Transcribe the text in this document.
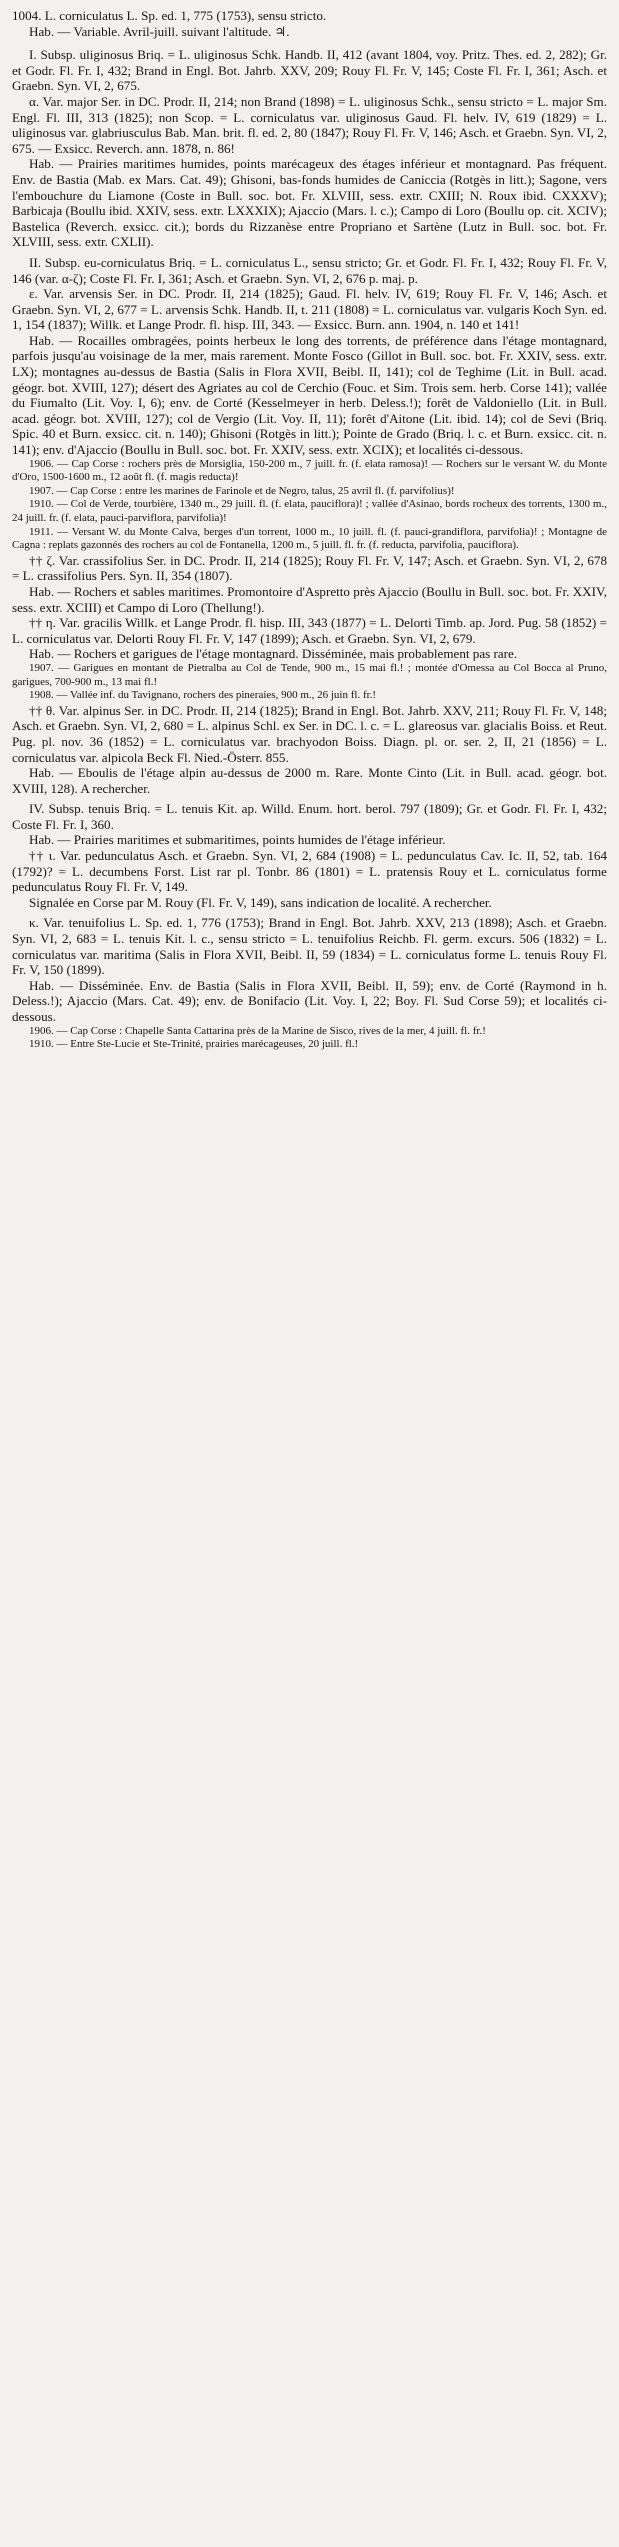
1004. L. corniculatus L. Sp. ed. 1, 775 (1753), sensu stricto.

Hab. — Variable. Avril-juill. suivant l'altitude. ♃.

I. Subsp. uliginosus Briq. = L. uliginosus Schk. Handb. II, 412 (avant 1804, voy. Pritz. Thes. ed. 2, 282); Gr. et Godr. Fl. Fr. I, 432; Brand in Engl. Bot. Jahrb. XXV, 209; Rouy Fl. Fr. V, 145; Coste Fl. Fr. I, 361; Asch. et Graebn. Syn. VI, 2, 675.

α. Var. major Ser. in DC. Prodr. II, 214; non Brand (1898) = L. uliginosus Schk., sensu stricto = L. major Sm. Engl. Fl. III, 313 (1825); non Scop. = L. corniculatus var. uliginosus Gaud. Fl. helv. IV, 619 (1829) = L. uliginosus var. glabriusculus Bab. Man. brit. fl. ed. 2, 80 (1847); Rouy Fl. Fr. V, 146; Asch. et Graebn. Syn. VI, 2, 675. — Exsicc. Reverch. ann. 1878, n. 86!

Hab. — Prairies maritimes humides, points marécageux des étages inférieur et montagnard. Pas fréquent. Env. de Bastia (Mab. ex Mars. Cat. 49); Ghisoni, bas-fonds humides de Caniccia (Rotgès in litt.); Sagone, vers l'embouchure du Liamone (Coste in Bull. soc. bot. Fr. XLVIII, sess. extr. CXIII; N. Roux ibid. CXXXV); Barbicaja (Boullu ibid. XXIV, sess. extr. LXXXIX); Ajaccio (Mars. l. c.); Campo di Loro (Boullu op. cit. XCIV); Bastelica (Reverch. exsicc. cit.); bords du Rizzanèse entre Propriano et Sartène (Lutz in Bull. soc. bot. Fr. XLVIII, sess. extr. CXLII).

II. Subsp. eu-corniculatus Briq. = L. corniculatus L., sensu stricto; Gr. et Godr. Fl. Fr. I, 432; Rouy Fl. Fr. V, 146 (var. α-ζ); Coste Fl. Fr. I, 361; Asch. et Graebn. Syn. VI, 2, 676 p. maj. p.

ε. Var. arvensis Ser. in DC. Prodr. II, 214 (1825); Gaud. Fl. helv. IV, 619; Rouy Fl. Fr. V, 146; Asch. et Graebn. Syn. VI, 2, 677 = L. arvensis Schk. Handb. II, t. 211 (1808) = L. corniculatus var. vulgaris Koch Syn. ed. 1, 154 (1837); Willk. et Lange Prodr. fl. hisp. III, 343. — Exsicc. Burn. ann. 1904, n. 140 et 141!

Hab. — Rocailles ombragées, points herbeux le long des torrents, de préférence dans l'étage montagnard, parfois jusqu'au voisinage de la mer, mais rarement. Monte Fosco (Gillot in Bull. soc. bot. Fr. XXIV, sess. extr. LX); montagnes au-dessus de Bastia (Salis in Flora XVII, Beibl. II, 141); col de Teghime (Lit. in Bull. acad. géogr. bot. XVIII, 127); désert des Agriates au col de Cerchio (Fouc. et Sim. Trois sem. herb. Corse 141); vallée du Fiumalto (Lit. Voy. I, 6); env. de Corté (Kesselmeyer in herb. Deless.!); forêt de Valdoniello (Lit. in Bull. acad. géogr. bot. XVIII, 127); col de Vergio (Lit. Voy. II, 11); forêt d'Aitone (Lit. ibid. 14); col de Sevi (Briq. Spic. 40 et Burn. exsicc. cit. n. 140); Ghisoni (Rotgès in litt.); Pointe de Grado (Briq. l. c. et Burn. exsicc. cit. n. 141); env. d'Ajaccio (Boullu in Bull. soc. bot. Fr. XXIV, sess. extr. XCIX); et localités ci-dessous.

1906. — Cap Corse : rochers près de Morsiglia, 150-200 m., 7 juill. fr. (f. elata ramosa)! — Rochers sur le versant W. du Monte d'Oro, 1500-1600 m., 12 août fl. (f. magis reducta)!

1907. — Cap Corse : entre les marines de Farinole et de Negro, talus, 25 avril fl. (f. parvifolius)!

1910. — Col de Verde, tourbière, 1340 m., 29 juill. fl. (f. elata, pauciflora)! ; vallée d'Asinao, bords rocheux des torrents, 1300 m., 24 juill. fr. (f. elata, pauci-parviflora, parvifolia)!

1911. — Versant W. du Monte Calva, berges d'un torrent, 1000 m., 10 juill. fl. (f. pauci-grandiflora, parvifolia)! ; Montagne de Cagna : replats gazonnés des rochers au col de Fontanella, 1200 m., 5 juill. fl. fr. (f. reducta, parvifolia, pauciflora).

†† ζ. Var. crassifolius Ser. in DC. Prodr. II, 214 (1825); Rouy Fl. Fr. V, 147; Asch. et Graebn. Syn. VI, 2, 678 = L. crassifolius Pers. Syn. II, 354 (1807).

Hab. — Rochers et sables maritimes. Promontoire d'Aspretto près Ajaccio (Boullu in Bull. soc. bot. Fr. XXIV, sess. extr. XCIII) et Campo di Loro (Thellung!).

†† η. Var. gracilis Willk. et Lange Prodr. fl. hisp. III, 343 (1877) = L. Delorti Timb. ap. Jord. Pug. 58 (1852) = L. corniculatus var. Delorti Rouy Fl. Fr. V, 147 (1899); Asch. et Graebn. Syn. VI, 2, 679.

Hab. — Rochers et garigues de l'étage montagnard. Disséminée, mais probablement pas rare.

1907. — Garigues en montant de Pietralba au Col de Tende, 900 m., 15 mai fl.! ; montée d'Omessa au Col Bocca al Pruno, garigues, 700-900 m., 13 mai fl.!

1908. — Vallée inf. du Tavignano, rochers des pineraies, 900 m., 26 juin fl. fr.!

†† θ. Var. alpinus Ser. in DC. Prodr. II, 214 (1825); Brand in Engl. Bot. Jahrb. XXV, 211; Rouy Fl. Fr. V, 148; Asch. et Graebn. Syn. VI, 2, 680 = L. alpinus Schl. ex Ser. in DC. l. c. = L. glareosus var. glacialis Boiss. et Reut. Pug. pl. nov. 36 (1852) = L. corniculatus var. brachyodon Boiss. Diagn. pl. or. ser. 2, II, 21 (1856) = L. corniculatus var. alpicola Beck Fl. Nied.-Österr. 855.

Hab. — Eboulis de l'étage alpin au-dessus de 2000 m. Rare. Monte Cinto (Lit. in Bull. acad. géogr. bot. XVIII, 128). A rechercher.

IV. Subsp. tenuis Briq. = L. tenuis Kit. ap. Willd. Enum. hort. berol. 797 (1809); Gr. et Godr. Fl. Fr. I, 432; Coste Fl. Fr. I, 360.

Hab. — Prairies maritimes et submaritimes, points humides de l'étage inférieur.

†† ι. Var. pedunculatus Asch. et Graebn. Syn. VI, 2, 684 (1908) = L. pedunculatus Cav. Ic. II, 52, tab. 164 (1792)? = L. decumbens Forst. List rar pl. Tonbr. 86 (1801) = L. pratensis Rouy et L. corniculatus forme pedunculatus Rouy Fl. Fr. V, 149.

Signalée en Corse par M. Rouy (Fl. Fr. V, 149), sans indication de localité. A rechercher.

κ. Var. tenuifolius L. Sp. ed. 1, 776 (1753); Brand in Engl. Bot. Jahrb. XXV, 213 (1898); Asch. et Graebn. Syn. VI, 2, 683 = L. tenuis Kit. l. c., sensu stricto = L. tenuifolius Reichb. Fl. germ. excurs. 506 (1832) = L. corniculatus var. maritima (Salis in Flora XVII, Beibl. II, 59 (1834) = L. corniculatus forme L. tenuis Rouy Fl. Fr. V, 150 (1899).

Hab. — Disséminée. Env. de Bastia (Salis in Flora XVII, Beibl. II, 59); env. de Corté (Raymond in h. Deless.!); Ajaccio (Mars. Cat. 49); env. de Bonifacio (Lit. Voy. I, 22; Boy. Fl. Sud Corse 59); et localités ci-dessous.

1906. — Cap Corse : Chapelle Santa Cattarina près de la Marine de Sisco, rives de la mer, 4 juill. fl. fr.!

1910. — Entre Ste-Lucie et Ste-Trinité, prairies marécageuses, 20 juill. fl.!
